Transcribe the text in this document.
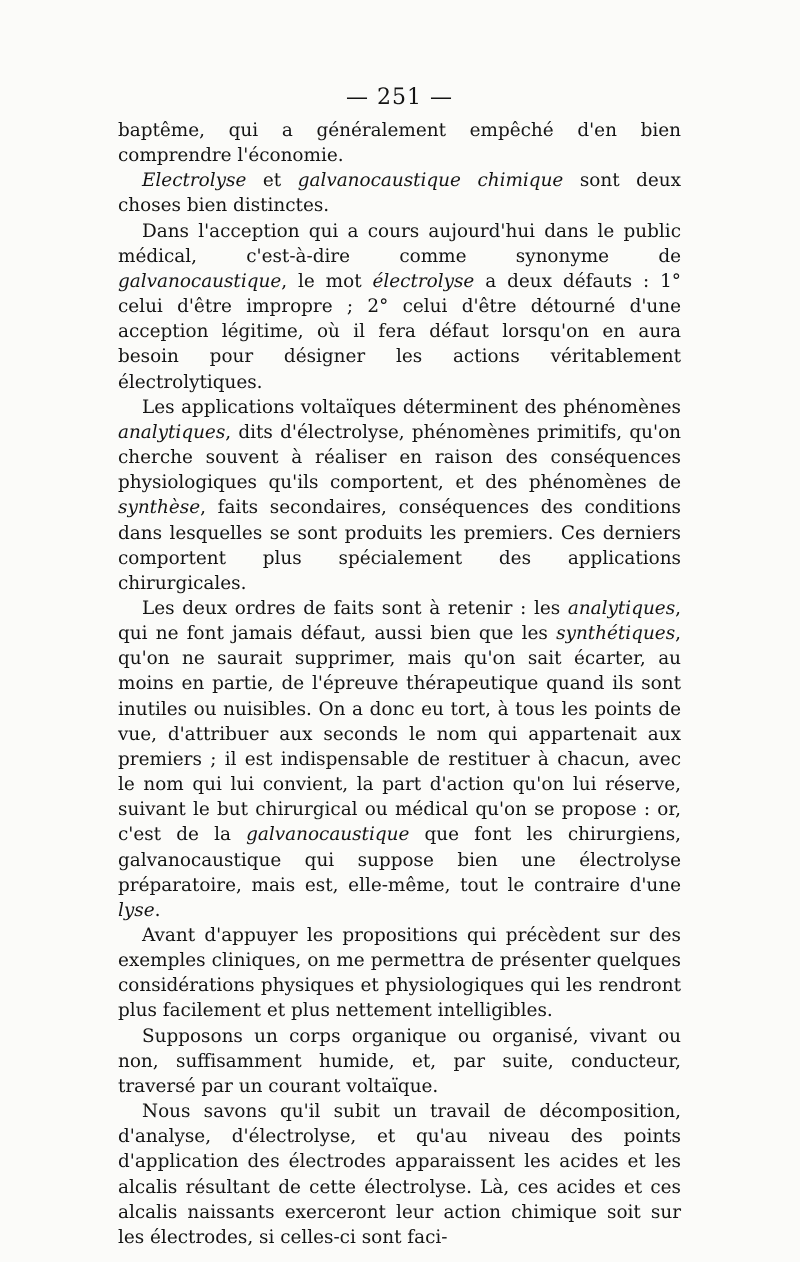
— 251 —

baptême, qui a généralement empêché d'en bien comprendre l'économie.

Electrolyse et galvanocaustique chimique sont deux choses bien distinctes.

Dans l'acception qui a cours aujourd'hui dans le public médical, c'est-à-dire comme synonyme de galvanocaustique, le mot électrolyse a deux défauts : 1° celui d'être impropre ; 2° celui d'être détourné d'une acception légitime, où il fera défaut lorsqu'on en aura besoin pour désigner les actions véritablement électrolytiques.

Les applications voltaïques déterminent des phénomènes analytiques, dits d'électrolyse, phénomènes primitifs, qu'on cherche souvent à réaliser en raison des conséquences physiologiques qu'ils comportent, et des phénomènes de synthèse, faits secondaires, conséquences des conditions dans lesquelles se sont produits les premiers. Ces derniers comportent plus spécialement des applications chirurgicales.

Les deux ordres de faits sont à retenir : les analytiques, qui ne font jamais défaut, aussi bien que les synthétiques, qu'on ne saurait supprimer, mais qu'on sait écarter, au moins en partie, de l'épreuve thérapeutique quand ils sont inutiles ou nuisibles. On a donc eu tort, à tous les points de vue, d'attribuer aux seconds le nom qui appartenait aux premiers ; il est indispensable de restituer à chacun, avec le nom qui lui convient, la part d'action qu'on lui réserve, suivant le but chirurgical ou médical qu'on se propose : or, c'est de la galvanocaustique que font les chirurgiens, galvanocaustique qui suppose bien une électrolyse préparatoire, mais est, elle-même, tout le contraire d'une lyse.

Avant d'appuyer les propositions qui précèdent sur des exemples cliniques, on me permettra de présenter quelques considérations physiques et physiologiques qui les rendront plus facilement et plus nettement intelligibles.

Supposons un corps organique ou organisé, vivant ou non, suffisamment humide, et, par suite, conducteur, traversé par un courant voltaïque.

Nous savons qu'il subit un travail de décomposition, d'analyse, d'électrolyse, et qu'au niveau des points d'application des électrodes apparaissent les acides et les alcalis résultant de cette électrolyse. Là, ces acides et ces alcalis naissants exerceront leur action chimique soit sur les électrodes, si celles-ci sont faci-
